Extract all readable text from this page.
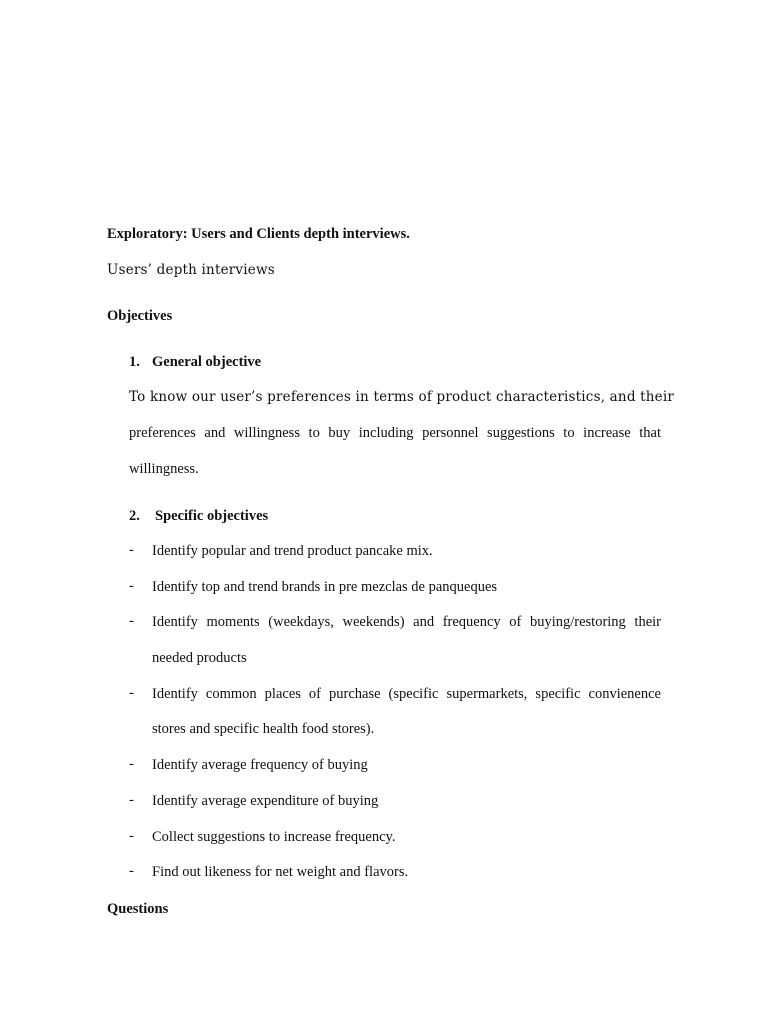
Exploratory: Users and Clients depth interviews.
Users’ depth interviews
Objectives
1. General objective
To know our user’s preferences in terms of product characteristics, and their
preferences and willingness to buy including personnel suggestions to increase that
willingness.
2. Specific objectives
- Identify popular and trend product pancake mix.
- Identify top and trend brands in pre mezclas de panqueques
- Identify moments (weekdays, weekends) and frequency of buying/restoring their
needed products
- Identify common places of purchase (specific supermarkets, specific convienence
stores and specific health food stores).
- Identify average frequency of buying
- Identify average expenditure of buying
- Collect suggestions to increase frequency.
- Find out likeness for net weight and flavors.
Questions
